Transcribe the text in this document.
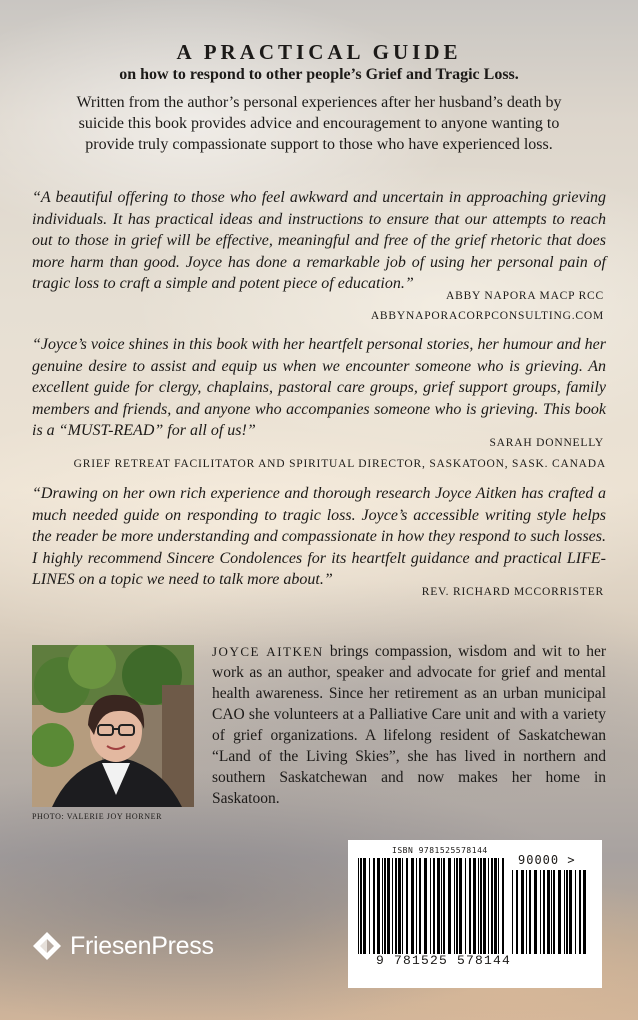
A PRACTICAL GUIDE
on how to respond to other people’s Grief and Tragic Loss.
Written from the author’s personal experiences after her husband’s death by suicide this book provides advice and encouragement to anyone wanting to provide truly compassionate support to those who have experienced loss.
“A beautiful offering to those who feel awkward and uncertain in approaching grieving individuals. It has practical ideas and instructions to ensure that our attempts to reach out to those in grief will be effective, meaningful and free of the grief rhetoric that does more harm than good. Joyce has done a remarkable job of using her personal pain of tragic loss to craft a simple and potent piece of education.”
ABBY NAPORA MACP RCC
ABBYNAPORACORPCONSULTING.COM
“Joyce’s voice shines in this book with her heartfelt personal stories, her humour and her genuine desire to assist and equip us when we encounter someone who is grieving. An excellent guide for clergy, chaplains, pastoral care groups, grief support groups, family members and friends, and anyone who accompanies someone who is grieving. This book is a “MUST-READ” for all of us!”
SARAH DONNELLY
GRIEF RETREAT FACILITATOR AND SPIRITUAL DIRECTOR, SASKATOON, SASK. CANADA
“Drawing on her own rich experience and thorough research Joyce Aitken has crafted a much needed guide on responding to tragic loss. Joyce’s accessible writing style helps the reader be more understanding and compassionate in how they respond to such losses. I highly recommend Sincere Condolences for its heartfelt guidance and practical LIFE-LINES on a topic we need to talk more about.”
REV. RICHARD MCCORRISTER
PHOTO: VALERIE JOY HORNER
JOYCE AITKEN brings compassion, wisdom and wit to her work as an author, speaker and advocate for grief and mental health awareness. Since her retirement as an urban municipal CAO she volunteers at a Palliative Care unit and with a variety of grief organizations. A lifelong resident of Saskatchewan “Land of the Living Skies”, she has lived in northern and southern Saskatchewan and now makes her home in Saskatoon.
ISBN 9781525578144
90000 >
9 781525 578144
FriesenPress
